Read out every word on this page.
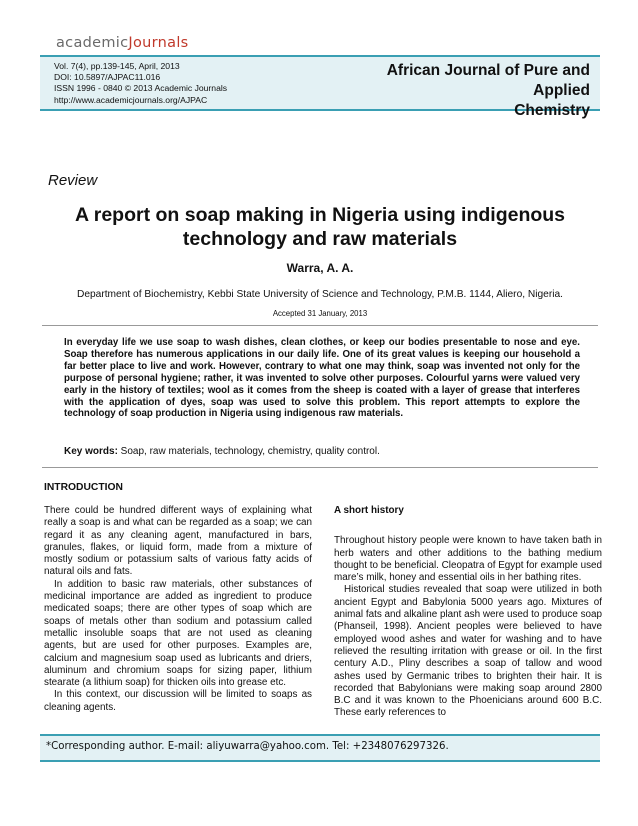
academicJournals
Vol. 7(4), pp.139-145, April, 2013
DOI: 10.5897/AJPAC11.016
ISSN 1996 - 0840 © 2013 Academic Journals
http://www.academicjournals.org/AJPAC
African Journal of Pure and Applied
Chemistry
Review
A report on soap making in Nigeria using indigenous
technology and raw materials
Warra, A. A.
Department of Biochemistry, Kebbi State University of Science and Technology, P.M.B. 1144, Aliero, Nigeria.
Accepted 31 January, 2013
In everyday life we use soap to wash dishes, clean clothes, or keep our bodies presentable to nose and eye. Soap therefore has numerous applications in our daily life. One of its great values is keeping our household a far better place to live and work. However, contrary to what one may think, soap was invented not only for the purpose of personal hygiene; rather, it was invented to solve other purposes. Colourful yarns were valued very early in the history of textiles; wool as it comes from the sheep is coated with a layer of grease that interferes with the application of dyes, soap was used to solve this problem. This report attempts to explore the technology of soap production in Nigeria using indigenous raw materials.
Key words: Soap, raw materials, technology, chemistry, quality control.
INTRODUCTION

There could be hundred different ways of explaining what really a soap is and what can be regarded as a soap; we can regard it as any cleaning agent, manufactured in bars, granules, flakes, or liquid form, made from a mixture of mostly sodium or potassium salts of various fatty acids of natural oils and fats.

In addition to basic raw materials, other substances of medicinal importance are added as ingredient to produce medicated soaps; there are other types of soap which are soaps of metals other than sodium and potassium called metallic insoluble soaps that are not used as cleaning agents, but are used for other purposes. Examples are, calcium and magnesium soap used as lubricants and driers, aluminum and chromium soaps for sizing paper, lithium stearate (a lithium soap) for thicken oils into grease etc.

In this context, our discussion will be limited to soaps as cleaning agents.

A short history

Throughout history people were known to have taken bath in herb waters and other additions to the bathing medium thought to be beneficial. Cleopatra of Egypt for example used mare’s milk, honey and essential oils in her bathing rites.

Historical studies revealed that soap were utilized in both ancient Egypt and Babylonia 5000 years ago. Mixtures of animal fats and alkaline plant ash were used to produce soap (Phanseil, 1998). Ancient peoples were believed to have employed wood ashes and water for washing and to have relieved the resulting irritation with grease or oil. In the first century A.D., Pliny describes a soap of tallow and wood ashes used by Germanic tribes to brighten their hair. It is recorded that Babylonians were making soap around 2800 B.C and it was known to the Phoenicians around 600 B.C. These early references to

*Corresponding author. E-mail: aliyuwarra@yahoo.com. Tel: +2348076297326.
